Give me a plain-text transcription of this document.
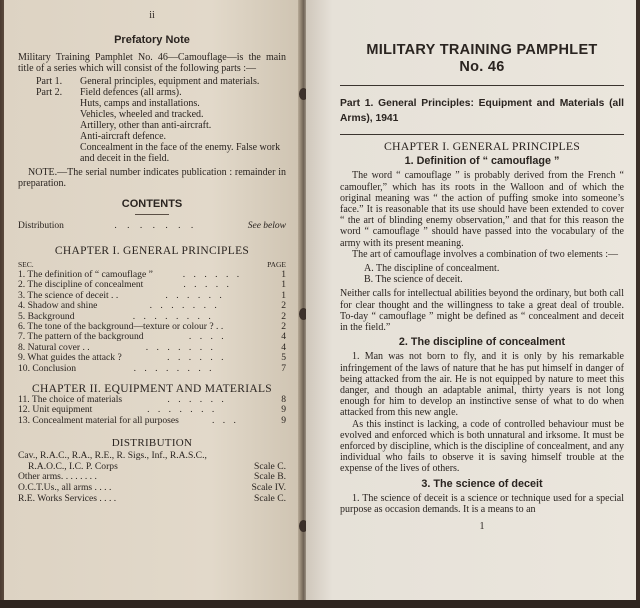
ii
Prefatory Note

Military Training Pamphlet No. 46—Camouflage—is the main title of a series which will consist of the following parts :—

Part 1.	General principles, equipment and materials.
Part 2.	Field defences (all arms).
Huts, camps and installations.
Vehicles, wheeled and tracked.
Artillery, other than anti-aircraft.
Anti-aircraft defence.
Concealment in the face of the enemy. False work and deceit in the field.

NOTE.—The serial number indicates publication : remainder in preparation.

CONTENTS
Distribution	. . . . . . .	See below
CHAPTER I. GENERAL PRINCIPLES
SEC.	PAGE
1. The definition of “ camouflage ”	. . . . . .	1
2. The discipline of concealment	. . . . .	1
3. The science of deceit . .	. . . . . .	1
4. Shadow and shine	. . . . . . .	2
5. Background	. . . . . . . .	2
6. The tone of the background—texture or colour ? . .	2
7. The pattern of the background	. . . .	4
8. Natural cover . .	. . . . . . .	4
9. What guides the attack ?	. . . . . .	5
10. Conclusion	. . . . . . . .	7
CHAPTER II. EQUIPMENT AND MATERIALS
11. The choice of materials	. . . . . .	8
12. Unit equipment	. . . . . . .	9
13. Concealment material for all purposes	. . .	9
DISTRIBUTION
Cav., R.A.C., R.A., R.E., R. Sigs., Inf., R.A.S.C.,
R.A.O.C., I.C. P. Corps	Scale C.
Other arms. . . . . . . .	Scale B.
O.C.T.Us., all arms . . . .	Scale IV.
R.E. Works Services . . . .	Scale C.
MILITARY TRAINING PAMPHLET
No. 46
Part 1. General Principles: Equipment and Materials (all Arms), 1941
CHAPTER I. GENERAL PRINCIPLES
1. Definition of “ camouflage ”

The word “ camouflage ” is probably derived from the French “ camoufler,” which has its roots in the Walloon and of which the original meaning was “ the action of puffing smoke into someone’s face.” It is reasonable that its use should have been extended to cover “ the art of blinding enemy observation,” and that for this reason the word “ camouflage ” should have passed into the vocabulary of the army with its present meaning.

The art of camouflage involves a combination of two elements :—

A. The discipline of concealment.
B. The science of deceit.

Neither calls for intellectual abilities beyond the ordinary, but both call for clear thought and the willingness to take a great deal of trouble. To-day “ camouflage ” might be defined as “ concealment and deceit in the field.”

2. The discipline of concealment

1. Man was not born to fly, and it is only by his remarkable infringement of the laws of nature that he has put himself in danger of being attacked from the air. He is not equipped by nature to meet this danger, and though an adaptable animal, thirty years is not long enough for him to develop an instinctive sense of what to do when attacked from this new angle.

As this instinct is lacking, a code of controlled behaviour must be evolved and enforced which is both unnatural and irksome. It must be enforced by discipline, which is the discipline of concealment, and any individual who fails to observe it is saving himself trouble at the expense of the lives of others.

3. The science of deceit

1. The science of deceit is a science or technique used for a special purpose as occasion demands. It is a means to an

1
